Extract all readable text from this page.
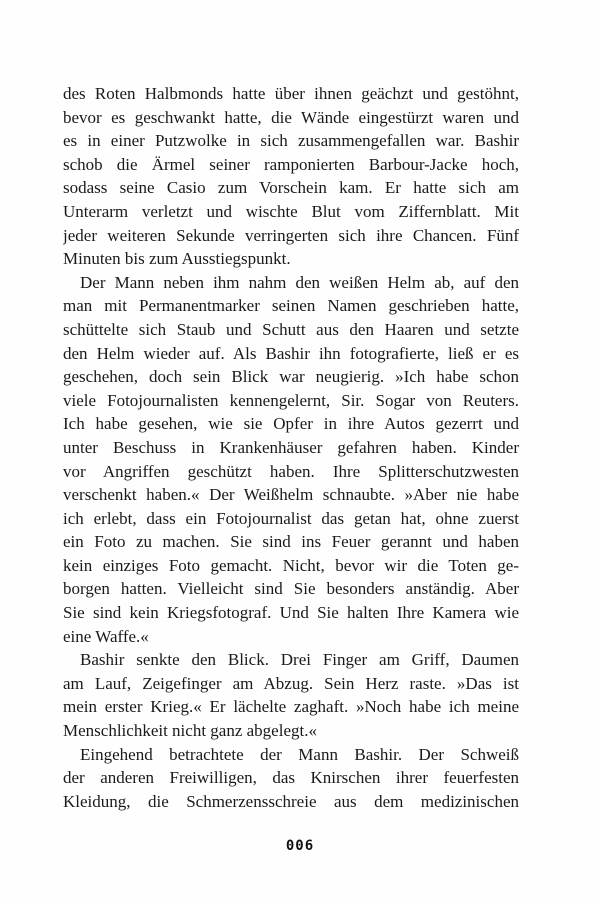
des Roten Halbmonds hatte über ihnen geächzt und gestöhnt,
bevor es geschwankt hatte, die Wände eingestürzt waren und
es in einer Putzwolke in sich zusammengefallen war. Bashir
schob die Ärmel seiner ramponierten Barbour-Jacke hoch,
sodass seine Casio zum Vorschein kam. Er hatte sich am
Unterarm verletzt und wischte Blut vom Ziffernblatt. Mit
jeder weiteren Sekunde verringerten sich ihre Chancen. Fünf
Minuten bis zum Ausstiegspunkt.
Der Mann neben ihm nahm den weißen Helm ab, auf den
man mit Permanentmarker seinen Namen geschrieben hatte,
schüttelte sich Staub und Schutt aus den Haaren und setzte
den Helm wieder auf. Als Bashir ihn fotografierte, ließ er es
geschehen, doch sein Blick war neugierig. »Ich habe schon
viele Fotojournalisten kennengelernt, Sir. Sogar von Reuters.
Ich habe gesehen, wie sie Opfer in ihre Autos gezerrt und
unter Beschuss in Krankenhäuser gefahren haben. Kinder
vor Angriffen geschützt haben. Ihre Splitterschutzwesten
verschenkt haben.« Der Weißhelm schnaubte. »Aber nie habe
ich erlebt, dass ein Fotojournalist das getan hat, ohne zuerst
ein Foto zu machen. Sie sind ins Feuer gerannt und haben
kein einziges Foto gemacht. Nicht, bevor wir die Toten ge-
borgen hatten. Vielleicht sind Sie besonders anständig. Aber
Sie sind kein Kriegsfotograf. Und Sie halten Ihre Kamera wie
eine Waffe.«
Bashir senkte den Blick. Drei Finger am Griff, Daumen
am Lauf, Zeigefinger am Abzug. Sein Herz raste. »Das ist
mein erster Krieg.« Er lächelte zaghaft. »Noch habe ich meine
Menschlichkeit nicht ganz abgelegt.«
Eingehend betrachtete der Mann Bashir. Der Schweiß
der anderen Freiwilligen, das Knirschen ihrer feuerfesten
Kleidung, die Schmerzensschreie aus dem medizinischen
006
